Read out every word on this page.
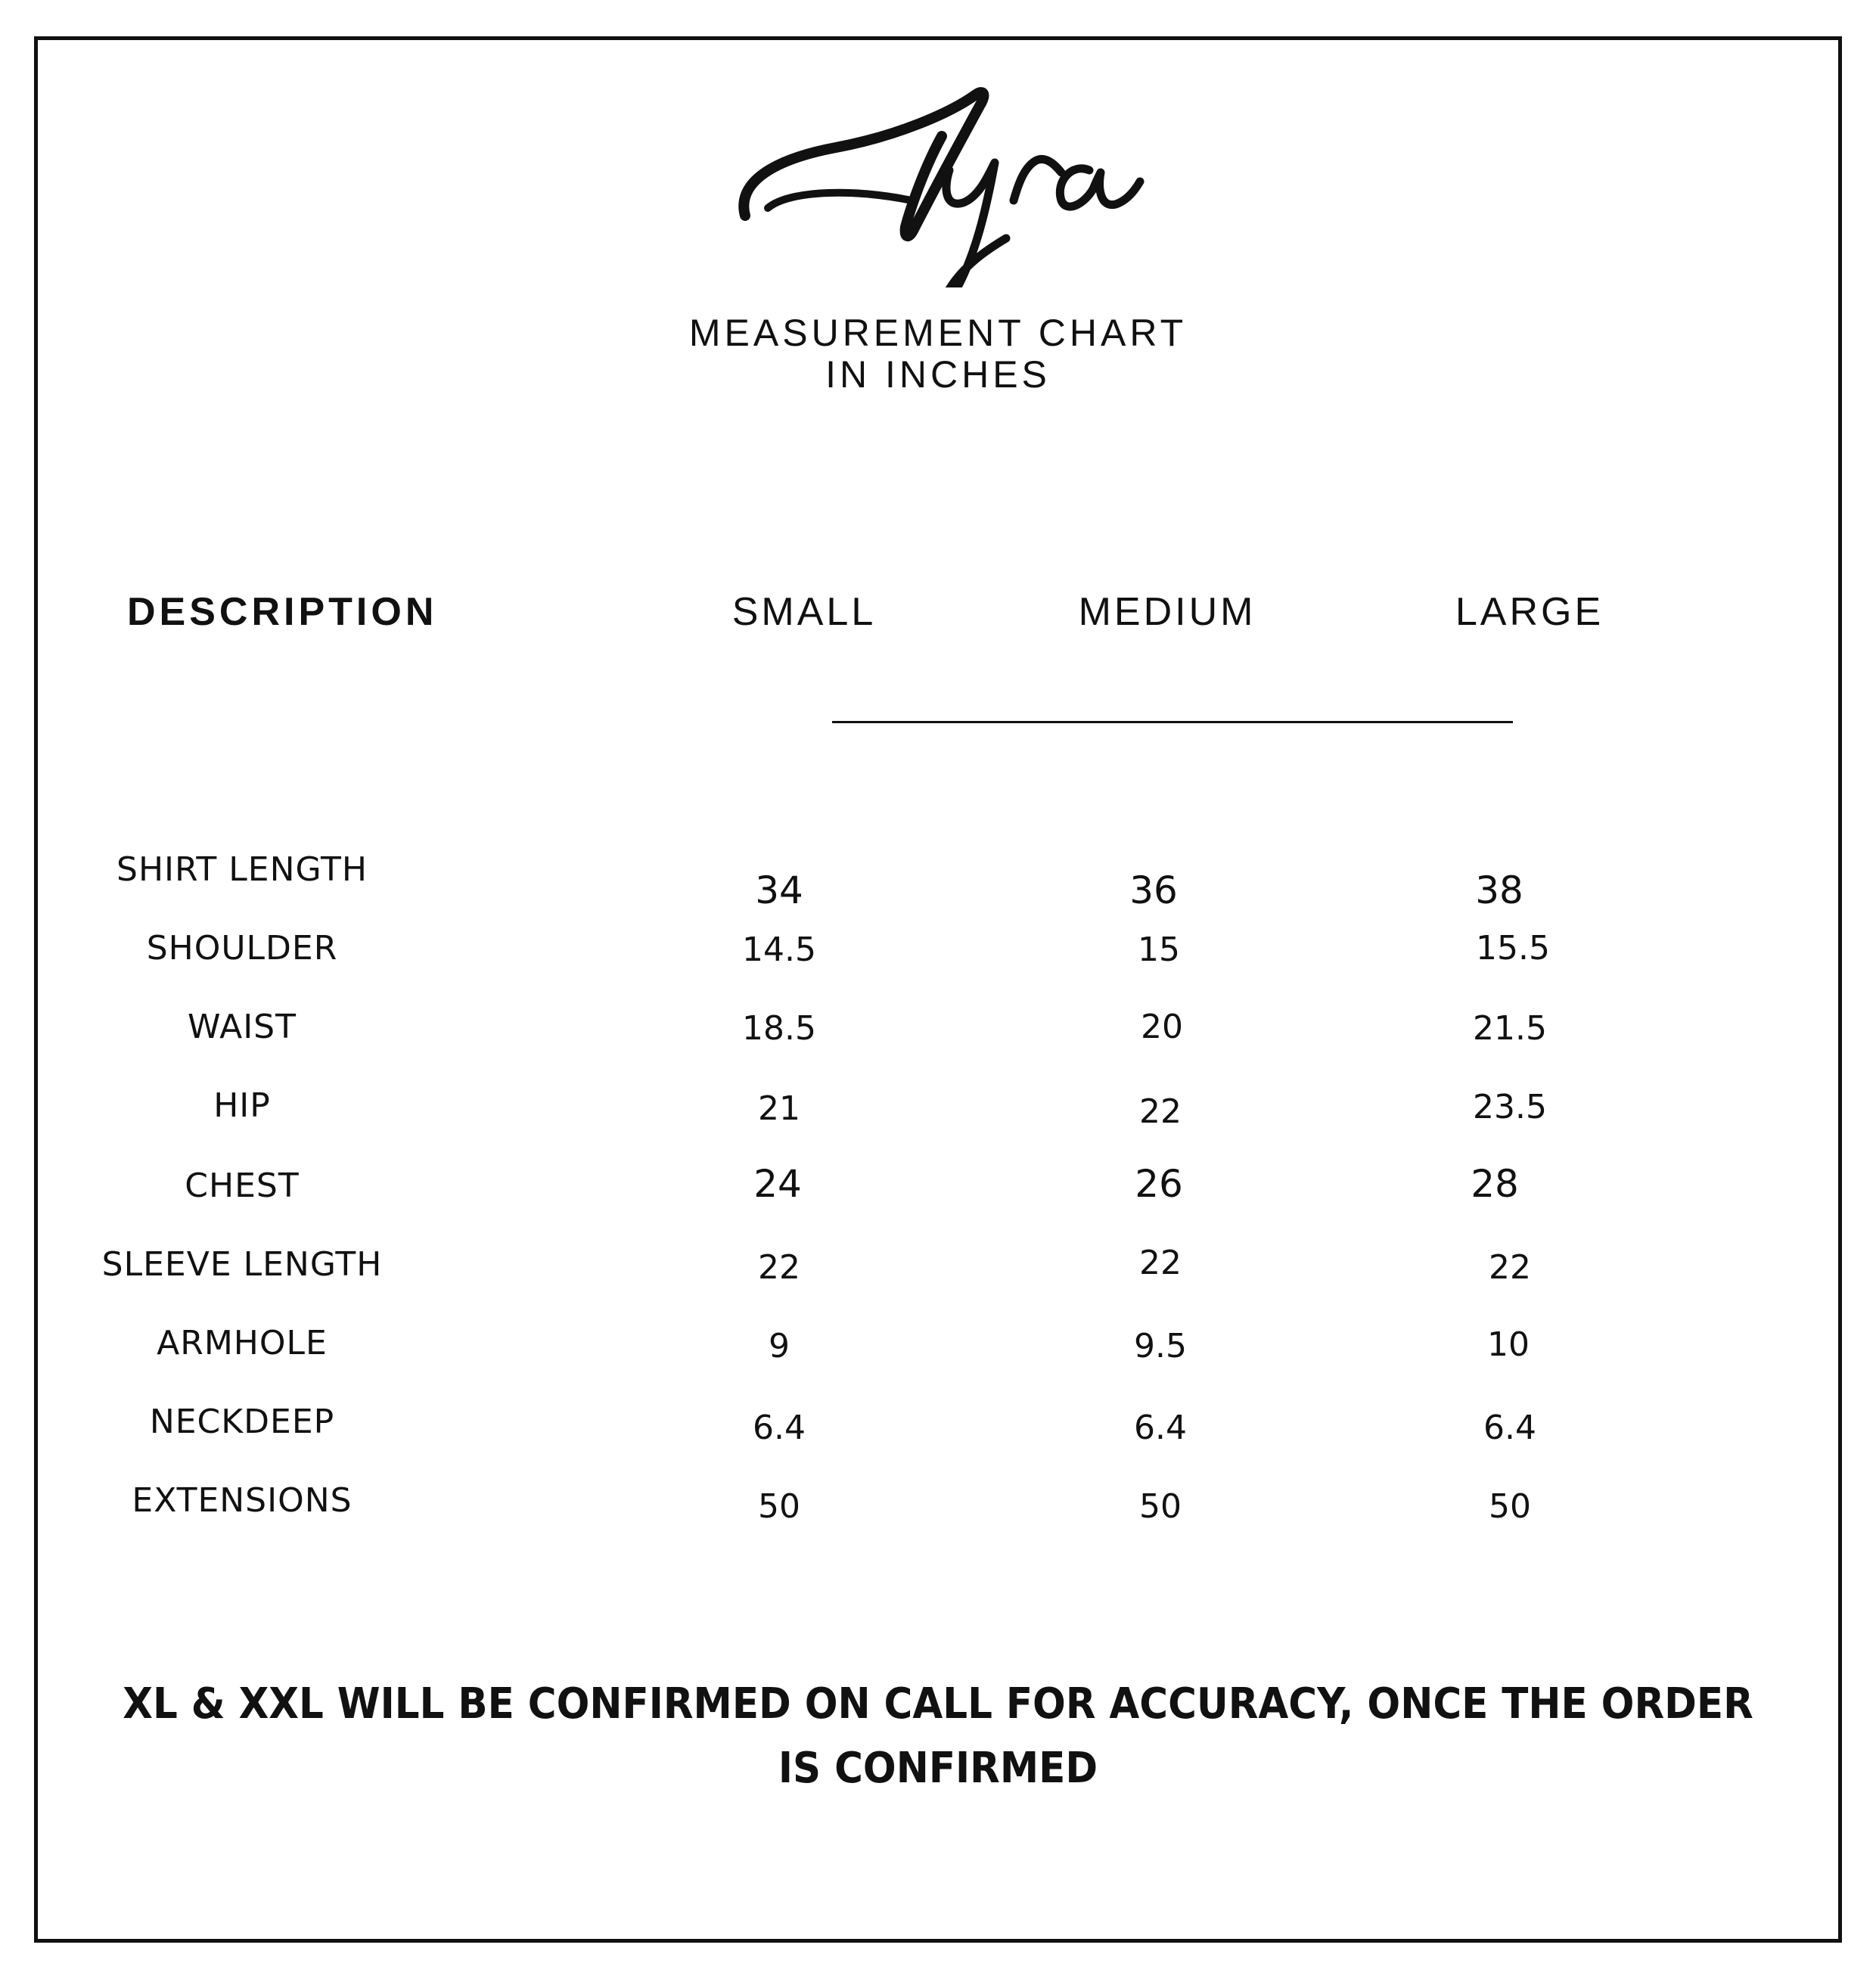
MEASUREMENT CHART
IN INCHES
DESCRIPTION	SMALL	MEDIUM	LARGE
SHIRT LENGTH	34	36	38
SHOULDER	14.5	15	15.5
WAIST	18.5	20	21.5
HIP	21	22	23.5
CHEST	24	26	28
SLEEVE LENGTH	22	22	22
ARMHOLE	9	9.5	10
NECKDEEP	6.4	6.4	6.4
EXTENSIONS	50	50	50
XL & XXL WILL BE CONFIRMED ON CALL FOR ACCURACY, ONCE THE ORDER
IS CONFIRMED
